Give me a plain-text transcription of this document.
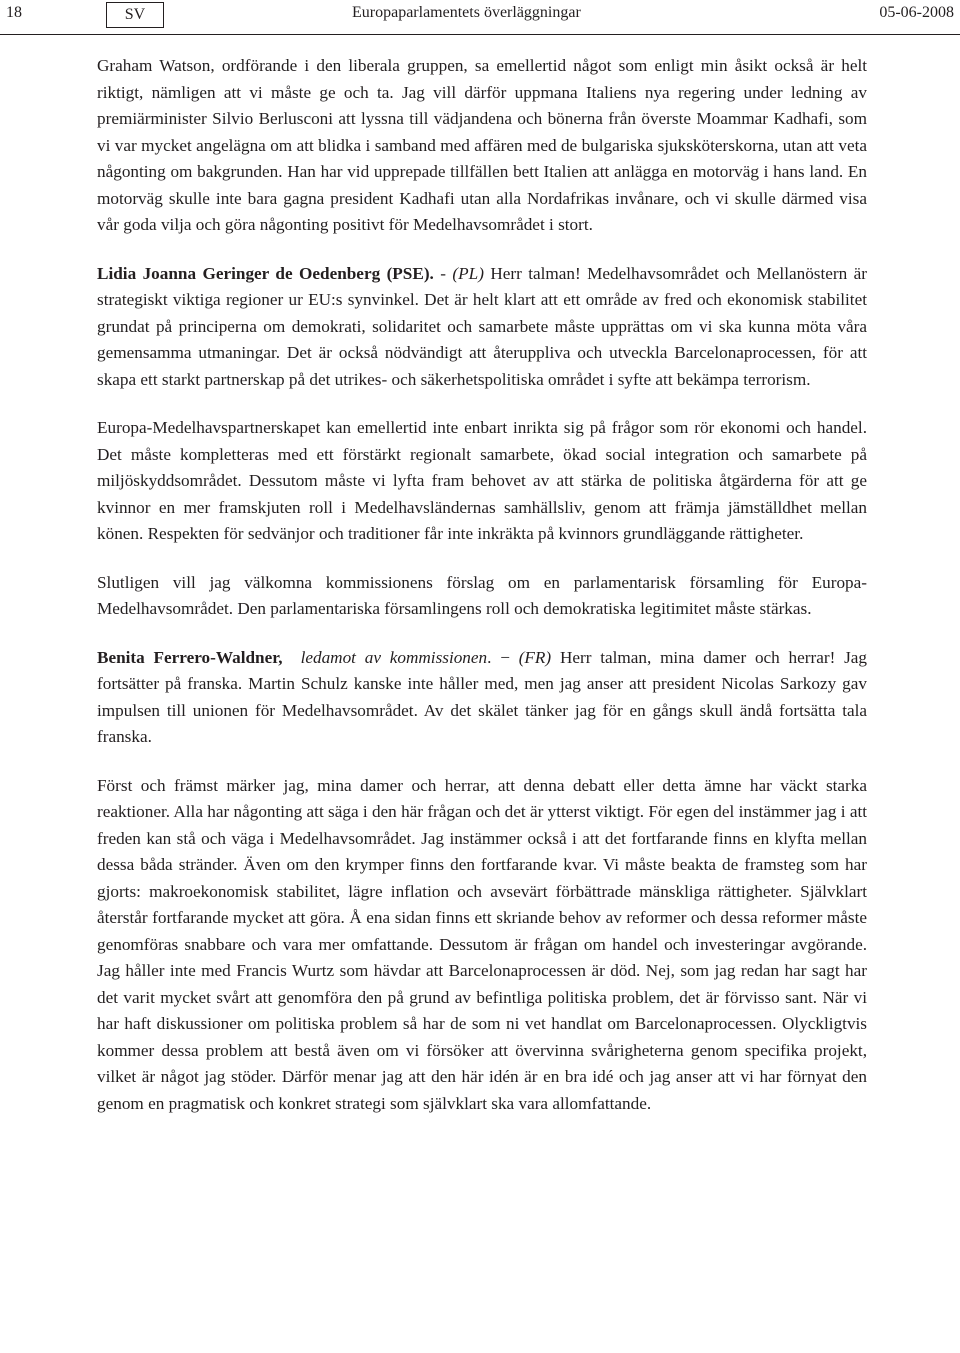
18	SV	Europaparlamentets överläggningar	05-06-2008

Graham Watson, ordförande i den liberala gruppen, sa emellertid något som enligt min åsikt också är helt riktigt, nämligen att vi måste ge och ta. Jag vill därför uppmana Italiens nya regering under ledning av premiärminister Silvio Berlusconi att lyssna till vädjandena och bönerna från överste Moammar Kadhafi, som vi var mycket angelägna om att blidka i samband med affären med de bulgariska sjuksköterskorna, utan att veta någonting om bakgrunden. Han har vid upprepade tillfällen bett Italien att anlägga en motorväg i hans land. En motorväg skulle inte bara gagna president Kadhafi utan alla Nordafrikas invånare, och vi skulle därmed visa vår goda vilja och göra någonting positivt för Medelhavsområdet i stort.

Lidia Joanna Geringer de Oedenberg (PSE). - (PL) Herr talman! Medelhavsområdet och Mellanöstern är strategiskt viktiga regioner ur EU:s synvinkel. Det är helt klart att ett område av fred och ekonomisk stabilitet grundat på principerna om demokrati, solidaritet och samarbete måste upprättas om vi ska kunna möta våra gemensamma utmaningar. Det är också nödvändigt att återuppliva och utveckla Barcelonaprocessen, för att skapa ett starkt partnerskap på det utrikes- och säkerhetspolitiska området i syfte att bekämpa terrorism.

Europa-Medelhavspartnerskapet kan emellertid inte enbart inrikta sig på frågor som rör ekonomi och handel. Det måste kompletteras med ett förstärkt regionalt samarbete, ökad social integration och samarbete på miljöskyddsområdet. Dessutom måste vi lyfta fram behovet av att stärka de politiska åtgärderna för att ge kvinnor en mer framskjuten roll i Medelhavsländernas samhällsliv, genom att främja jämställdhet mellan könen. Respekten för sedvänjor och traditioner får inte inkräkta på kvinnors grundläggande rättigheter.

Slutligen vill jag välkomna kommissionens förslag om en parlamentarisk församling för Europa-Medelhavsområdet. Den parlamentariska församlingens roll och demokratiska legitimitet måste stärkas.

Benita Ferrero-Waldner, ledamot av kommissionen. − (FR) Herr talman, mina damer och herrar! Jag fortsätter på franska. Martin Schulz kanske inte håller med, men jag anser att president Nicolas Sarkozy gav impulsen till unionen för Medelhavsområdet. Av det skälet tänker jag för en gångs skull ändå fortsätta tala franska.

Först och främst märker jag, mina damer och herrar, att denna debatt eller detta ämne har väckt starka reaktioner. Alla har någonting att säga i den här frågan och det är ytterst viktigt. För egen del instämmer jag i att freden kan stå och väga i Medelhavsområdet. Jag instämmer också i att det fortfarande finns en klyfta mellan dessa båda stränder. Även om den krymper finns den fortfarande kvar. Vi måste beakta de framsteg som har gjorts: makroekonomisk stabilitet, lägre inflation och avsevärt förbättrade mänskliga rättigheter. Självklart återstår fortfarande mycket att göra. Å ena sidan finns ett skriande behov av reformer och dessa reformer måste genomföras snabbare och vara mer omfattande. Dessutom är frågan om handel och investeringar avgörande. Jag håller inte med Francis Wurtz som hävdar att Barcelonaprocessen är död. Nej, som jag redan har sagt har det varit mycket svårt att genomföra den på grund av befintliga politiska problem, det är förvisso sant. När vi har haft diskussioner om politiska problem så har de som ni vet handlat om Barcelonaprocessen. Olyckligtvis kommer dessa problem att bestå även om vi försöker att övervinna svårigheterna genom specifika projekt, vilket är något jag stöder. Därför menar jag att den här idén är en bra idé och jag anser att vi har förnyat den genom en pragmatisk och konkret strategi som självklart ska vara allomfattande.
